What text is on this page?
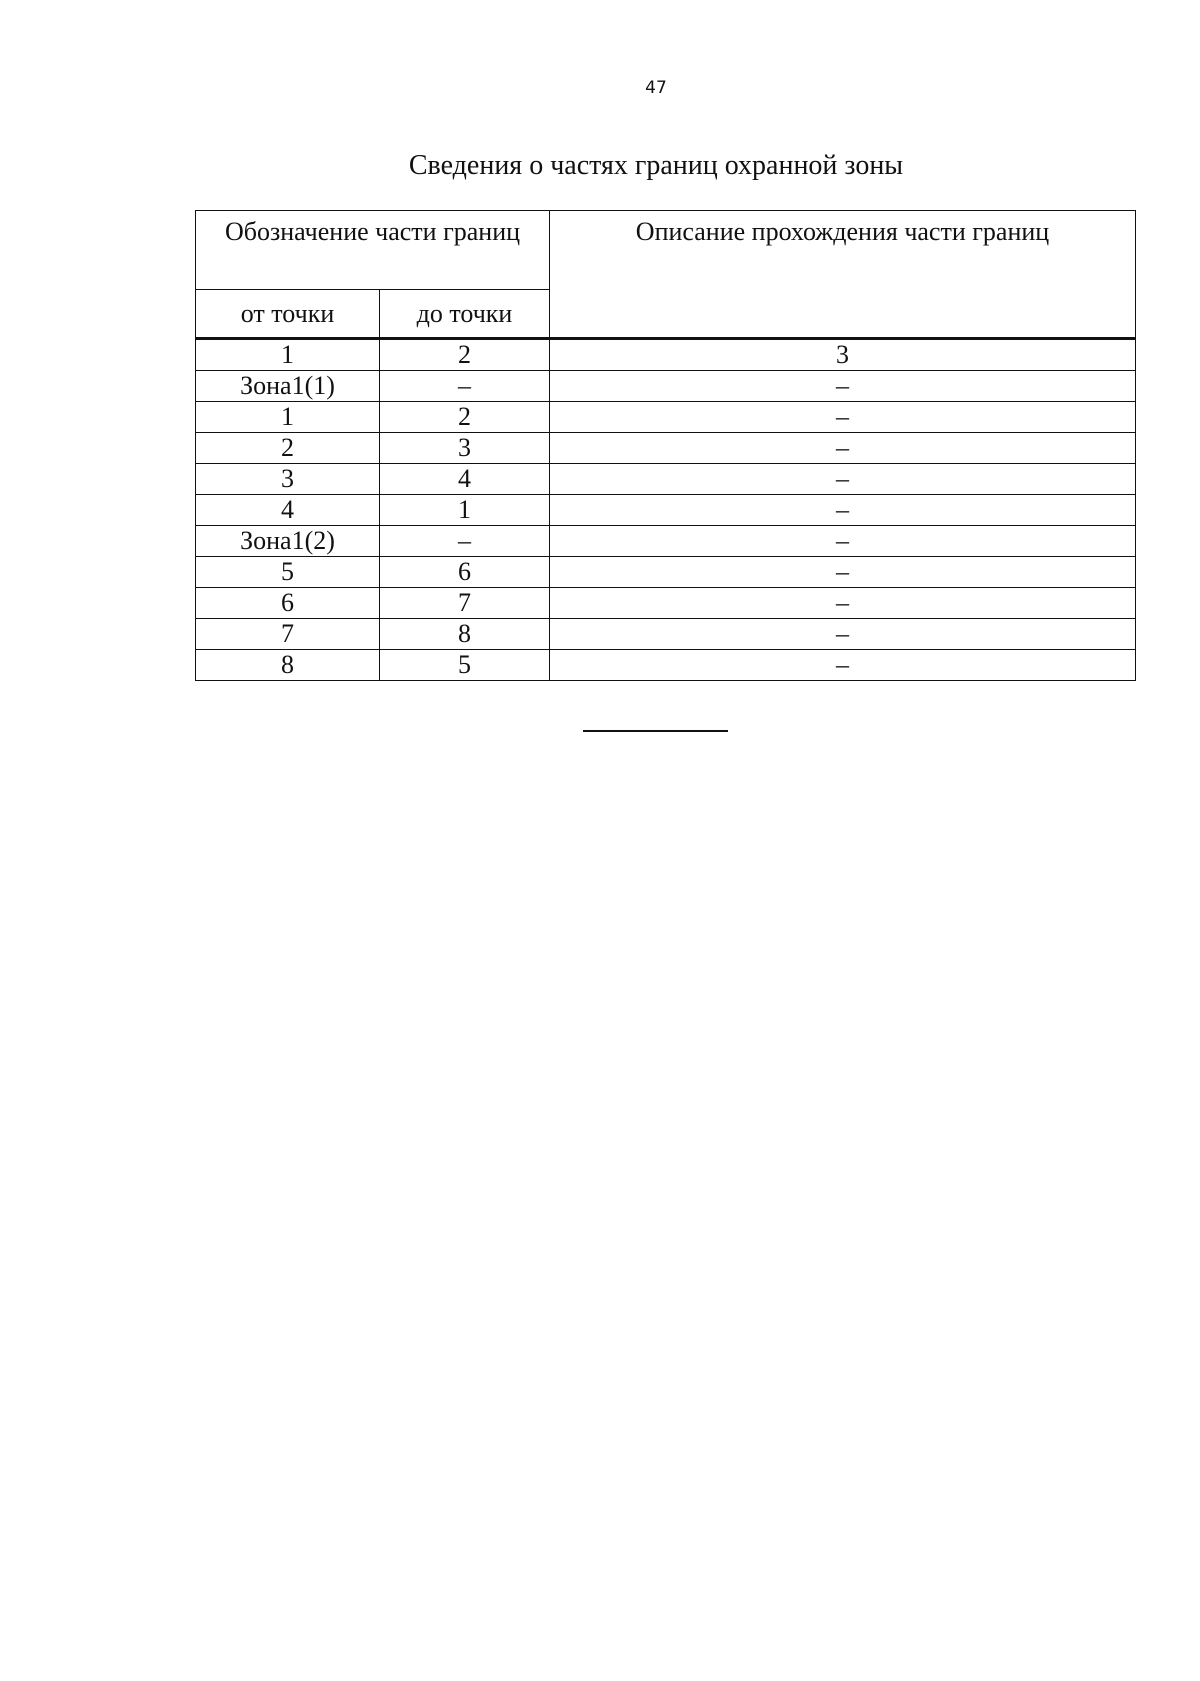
47
Сведения о частях границ охранной зоны
Обозначение части границ		Описание прохождения части границ
от точки	до точки	
1	2	3
Зона1(1)	–	–
1	2	–
2	3	–
3	4	–
4	1	–
Зона1(2)	–	–
5	6	–
6	7	–
7	8	–
8	5	–
